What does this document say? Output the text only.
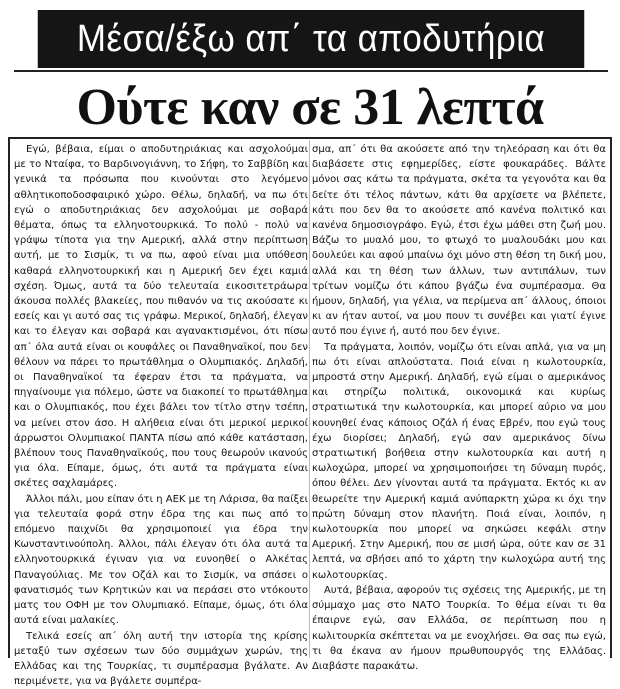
Μέσα/έξω απ΄ τα αποδυτήρια
Ούτε καν σε 31 λεπτά

Εγώ, βέβαια, είμαι ο αποδυτηριάκιας και ασχολούμαι με το Νταίφα, το Βαρδινογιάννη, το Σήφη, το Σαββίδη και γενικά τα πρόσωπα που κινούνται στο λεγόμενο αθλητικοποδοσφαιρικό χώρο. Θέλω, δηλαδή, να πω ότι εγώ ο αποδυτηριάκιας δεν ασχολούμαι με σοβαρά θέματα, όπως τα ελληνοτουρκικά. Το πολύ - πολύ να γράψω τίποτα για την Αμερική, αλλά στην περίπτωση αυτή, με το Σισμίκ, τι να πω, αφού είναι μια υπόθεση καθαρά ελληνοτουρκική και η Αμερική δεν έχει καμιά σχέση. Όμως, αυτά τα δύο τελευταία εικοσιτετράωρα άκουσα πολλές βλακείες, που πιθανόν να τις ακούσατε κι εσείς και γι αυτό σας τις γράφω. Μερικοί, δηλαδή, έλεγαν και το έλεγαν και σοβαρά και αγανακτισμένοι, ότι πίσω απ΄ όλα αυτά είναι οι κουφάλες οι Παναθηναϊκοί, που δεν θέλουν να πάρει το πρωτάθλημα ο Ολυμπιακός. Δηλαδή, οι Παναθηναϊκοί τα έφεραν έτσι τα πράγματα, να πηγαίνουμε για πόλεμο, ώστε να διακοπεί το πρωτάθλημα και ο Ολυμπιακός, που έχει βάλει τον τίτλο στην τσέπη, να μείνει στον άσο. Η αλήθεια είναι ότι μερικοί μερικοί άρρωστοι Ολυμπιακοί ΠΑΝΤΑ πίσω από κάθε κατάσταση, βλέπουν τους Παναθηναϊκούς, που τους θεωρούν ικανούς για όλα. Είπαμε, όμως, ότι αυτά τα πράγματα είναι σκέτες σαχλαμάρες.

Άλλοι πάλι, μου είπαν ότι η ΑΕΚ με τη Λάρισα, θα παίξει για τελευταία φορά στην έδρα της και πως από το επόμενο παιχνίδι θα χρησιμοποιεί για έδρα την Κωνσταντινούπολη. Άλλοι, πάλι έλεγαν ότι όλα αυτά τα ελληνοτουρκικά έγιναν για να ευνοηθεί ο Αλκέτας Παναγούλιας. Με τον Οζάλ και το Σισμίκ, να σπάσει ο φανατισμός των Κρητικών και να περάσει στο ντόκουτο ματς του ΟΦΗ με τον Ολυμπιακό. Είπαμε, όμως, ότι όλα αυτά είναι μαλακίες.

Τελικά εσείς απ΄ όλη αυτή την ιστορία της κρίσης μεταξύ των σχέσεων των δύο συμμάχων χωρών, της Ελλάδας και της Τουρκίας, τι συμπέρασμα βγάλατε. Αν περιμένετε, για να βγάλετε συμπέρα-

σμα, απ΄ ότι θα ακούσετε από την τηλεόραση και ότι θα διαβάσετε στις εφημερίδες, είστε φουκαράδες. Βάλτε μόνοι σας κάτω τα πράγματα, σκέτα τα γεγονότα και θα δείτε ότι τέλος πάντων, κάτι θα αρχίσετε να βλέπετε, κάτι που δεν θα το ακούσετε από κανένα πολιτικό και κανένα δημοσιογράφο. Εγώ, έτσι έχω μάθει στη ζωή μου. Βάζω το μυαλό μου, το φτωχό το μυαλουδάκι μου και δουλεύει και αφού μπαίνω όχι μόνο στη θέση τη δική μου, αλλά και τη θέση των άλλων, των αντιπάλων, των τρίτων νομίζω ότι κάπου βγάζω ένα συμπέρασμα. Θα ήμουν, δηλαδή, για γέλια, να περίμενα απ΄ άλλους, όποιοι κι αν ήταν αυτοί, να μου πουν τι συνέβει και γιατί έγινε αυτό που έγινε ή, αυτό που δεν έγινε.

Τα πράγματα, λοιπόν, νομίζω ότι είναι απλά, για να μη πω ότι είναι απλούστατα. Ποιά είναι η κωλοτουρκία, μπροστά στην Αμερική. Δηλαδή, εγώ είμαι ο αμερικάνος και στηρίζω πολιτικά, οικονομικά και κυρίως στρατιωτικά την κωλοτουρκία, και μπορεί αύριο να μου κουνηθεί ένας κάποιος Οζάλ ή ένας Εβρέν, που εγώ τους έχω διορίσει; Δηλαδή, εγώ σαν αμερικάνος δίνω στρατιωτική βοήθεια στην κωλοτουρκία και αυτή η κωλοχώρα, μπορεί να χρησιμοποιήσει τη δύναμη πυρός, όπου θέλει. Δεν γίνονται αυτά τα πράγματα. Εκτός κι αν θεωρείτε την Αμερική καμιά ανύπαρκτη χώρα κι όχι την πρώτη δύναμη στον πλανήτη. Ποιά είναι, λοιπόν, η κωλοτουρκία που μπορεί να σηκώσει κεφάλι στην Αμερική. Στην Αμερική, που σε μισή ώρα, ούτε καν σε 31 λεπτά, να σβήσει από το χάρτη την κωλοχώρα αυτή της κωλοτουρκίας.

Αυτά, βέβαια, αφορούν τις σχέσεις της Αμερικής, με τη σύμμαχο μας στο ΝΑΤΟ Τουρκία. Το θέμα είναι τι θα έπαιρνε εγώ, σαν Ελλάδα, σε περίπτωση που η κωλιτουρκία σκέπτεται να με ενοχλήσει. Θα σας πω εγώ, τι θα έκανα αν ήμουν πρωθυπουργός της Ελλάδας. Διαβάστε παρακάτω.
